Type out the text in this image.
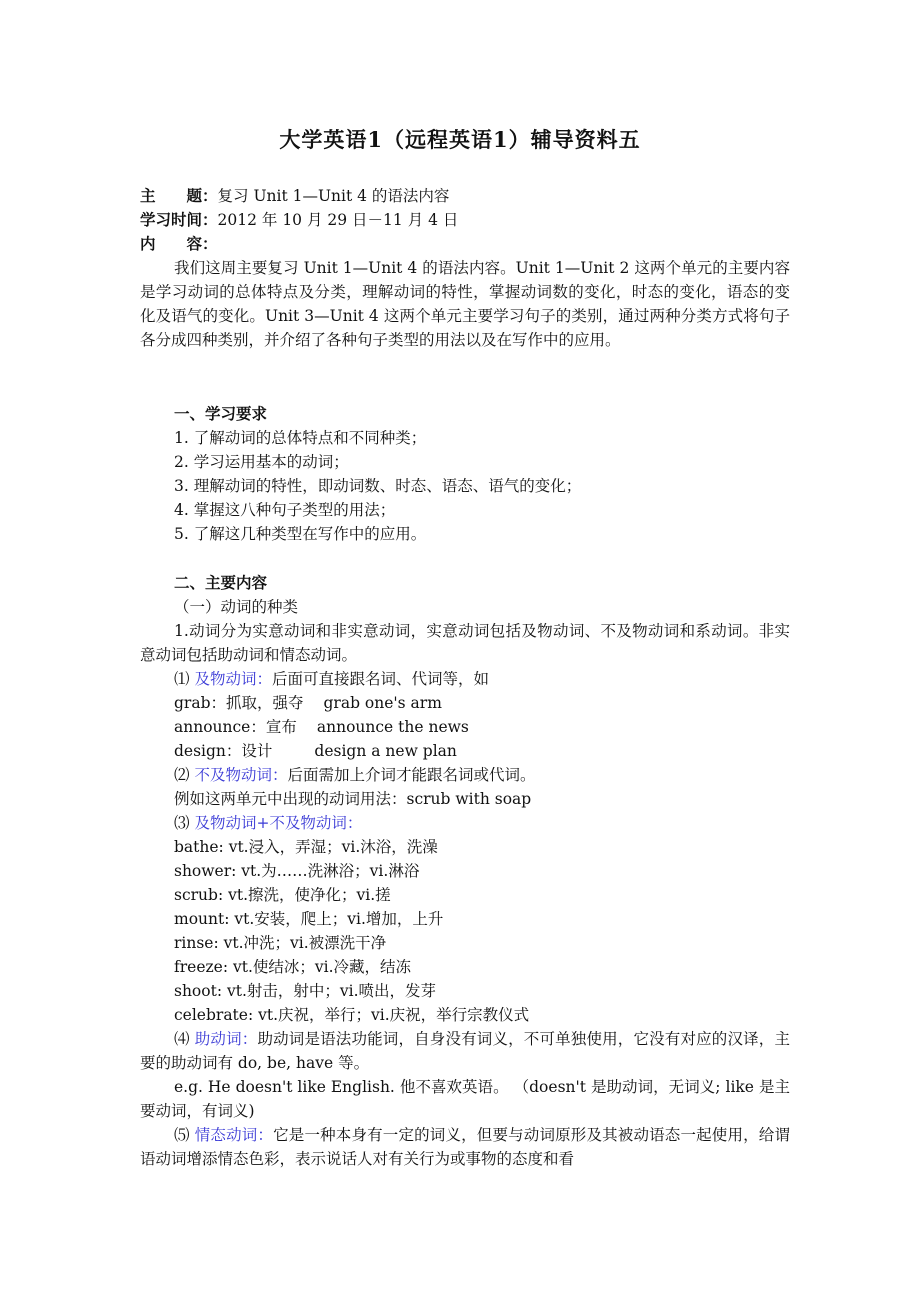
大学英语1（远程英语1）辅导资料五
主　　题：复习 Unit 1—Unit 4 的语法内容
学习时间：2012 年 10 月 29 日－11 月 4 日
内　　容：
我们这周主要复习 Unit 1—Unit 4 的语法内容。Unit 1—Unit 2 这两个单元的主要内容是学习动词的总体特点及分类，理解动词的特性，掌握动词数的变化，时态的变化，语态的变化及语气的变化。Unit 3—Unit 4 这两个单元主要学习句子的类别，通过两种分类方式将句子各分成四种类别，并介绍了各种句子类型的用法以及在写作中的应用。
一、学习要求
1. 了解动词的总体特点和不同种类；
2. 学习运用基本的动词；
3. 理解动词的特性，即动词数、时态、语态、语气的变化；
4. 掌握这八种句子类型的用法；
5. 了解这几种类型在写作中的应用。
二、主要内容
（一）动词的种类
1.动词分为实意动词和非实意动词，实意动词包括及物动词、不及物动词和系动词。非实意动词包括助动词和情态动词。
⑴ 及物动词：后面可直接跟名词、代词等，如
grab：抓取，强夺 grab one's arm
announce：宣布 announce the news
design：设计	design a new plan
⑵ 不及物动词：后面需加上介词才能跟名词或代词。
例如这两单元中出现的动词用法：scrub with soap
⑶ 及物动词+不及物动词：
bathe: vt.浸入，弄湿；vi.沐浴，洗澡
shower: vt.为……洗淋浴；vi.淋浴
scrub: vt.擦洗，使净化；vi.搓
mount: vt.安装，爬上；vi.增加，上升
rinse: vt.冲洗；vi.被漂洗干净
freeze: vt.使结冰；vi.冷藏，结冻
shoot: vt.射击，射中；vi.喷出，发芽
celebrate: vt.庆祝，举行；vi.庆祝，举行宗教仪式
⑷ 助动词：助动词是语法功能词，自身没有词义，不可单独使用，它没有对应的汉译，主要的助动词有 do, be, have 等。
e.g. He doesn't like English. 他不喜欢英语。 （doesn't 是助动词，无词义; like 是主要动词，有词义)
⑸ 情态动词：它是一种本身有一定的词义，但要与动词原形及其被动语态一起使用，给谓语动词增添情态色彩，表示说话人对有关行为或事物的态度和看
